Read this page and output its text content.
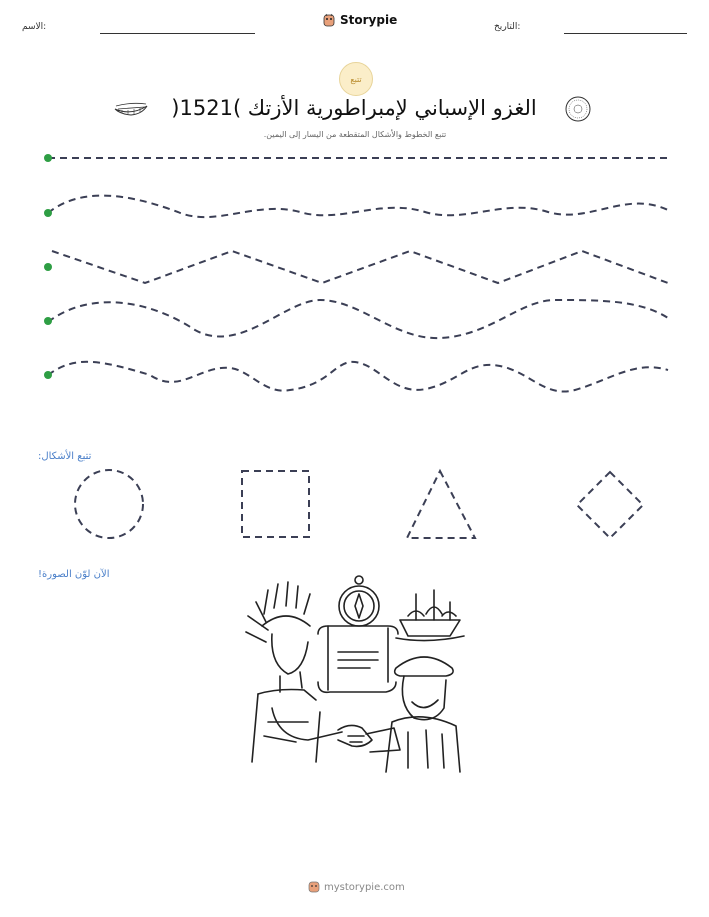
التاريخ:
Storypie
الاسم:
تتبع
الغزو الإسباني لإمبراطورية الأزتك )1521(
تتبع الخطوط والأشكال المتقطعة من اليسار إلى اليمين.
تتبع الأشكال:
الآن لوّن الصورة!
mystorypie.com
